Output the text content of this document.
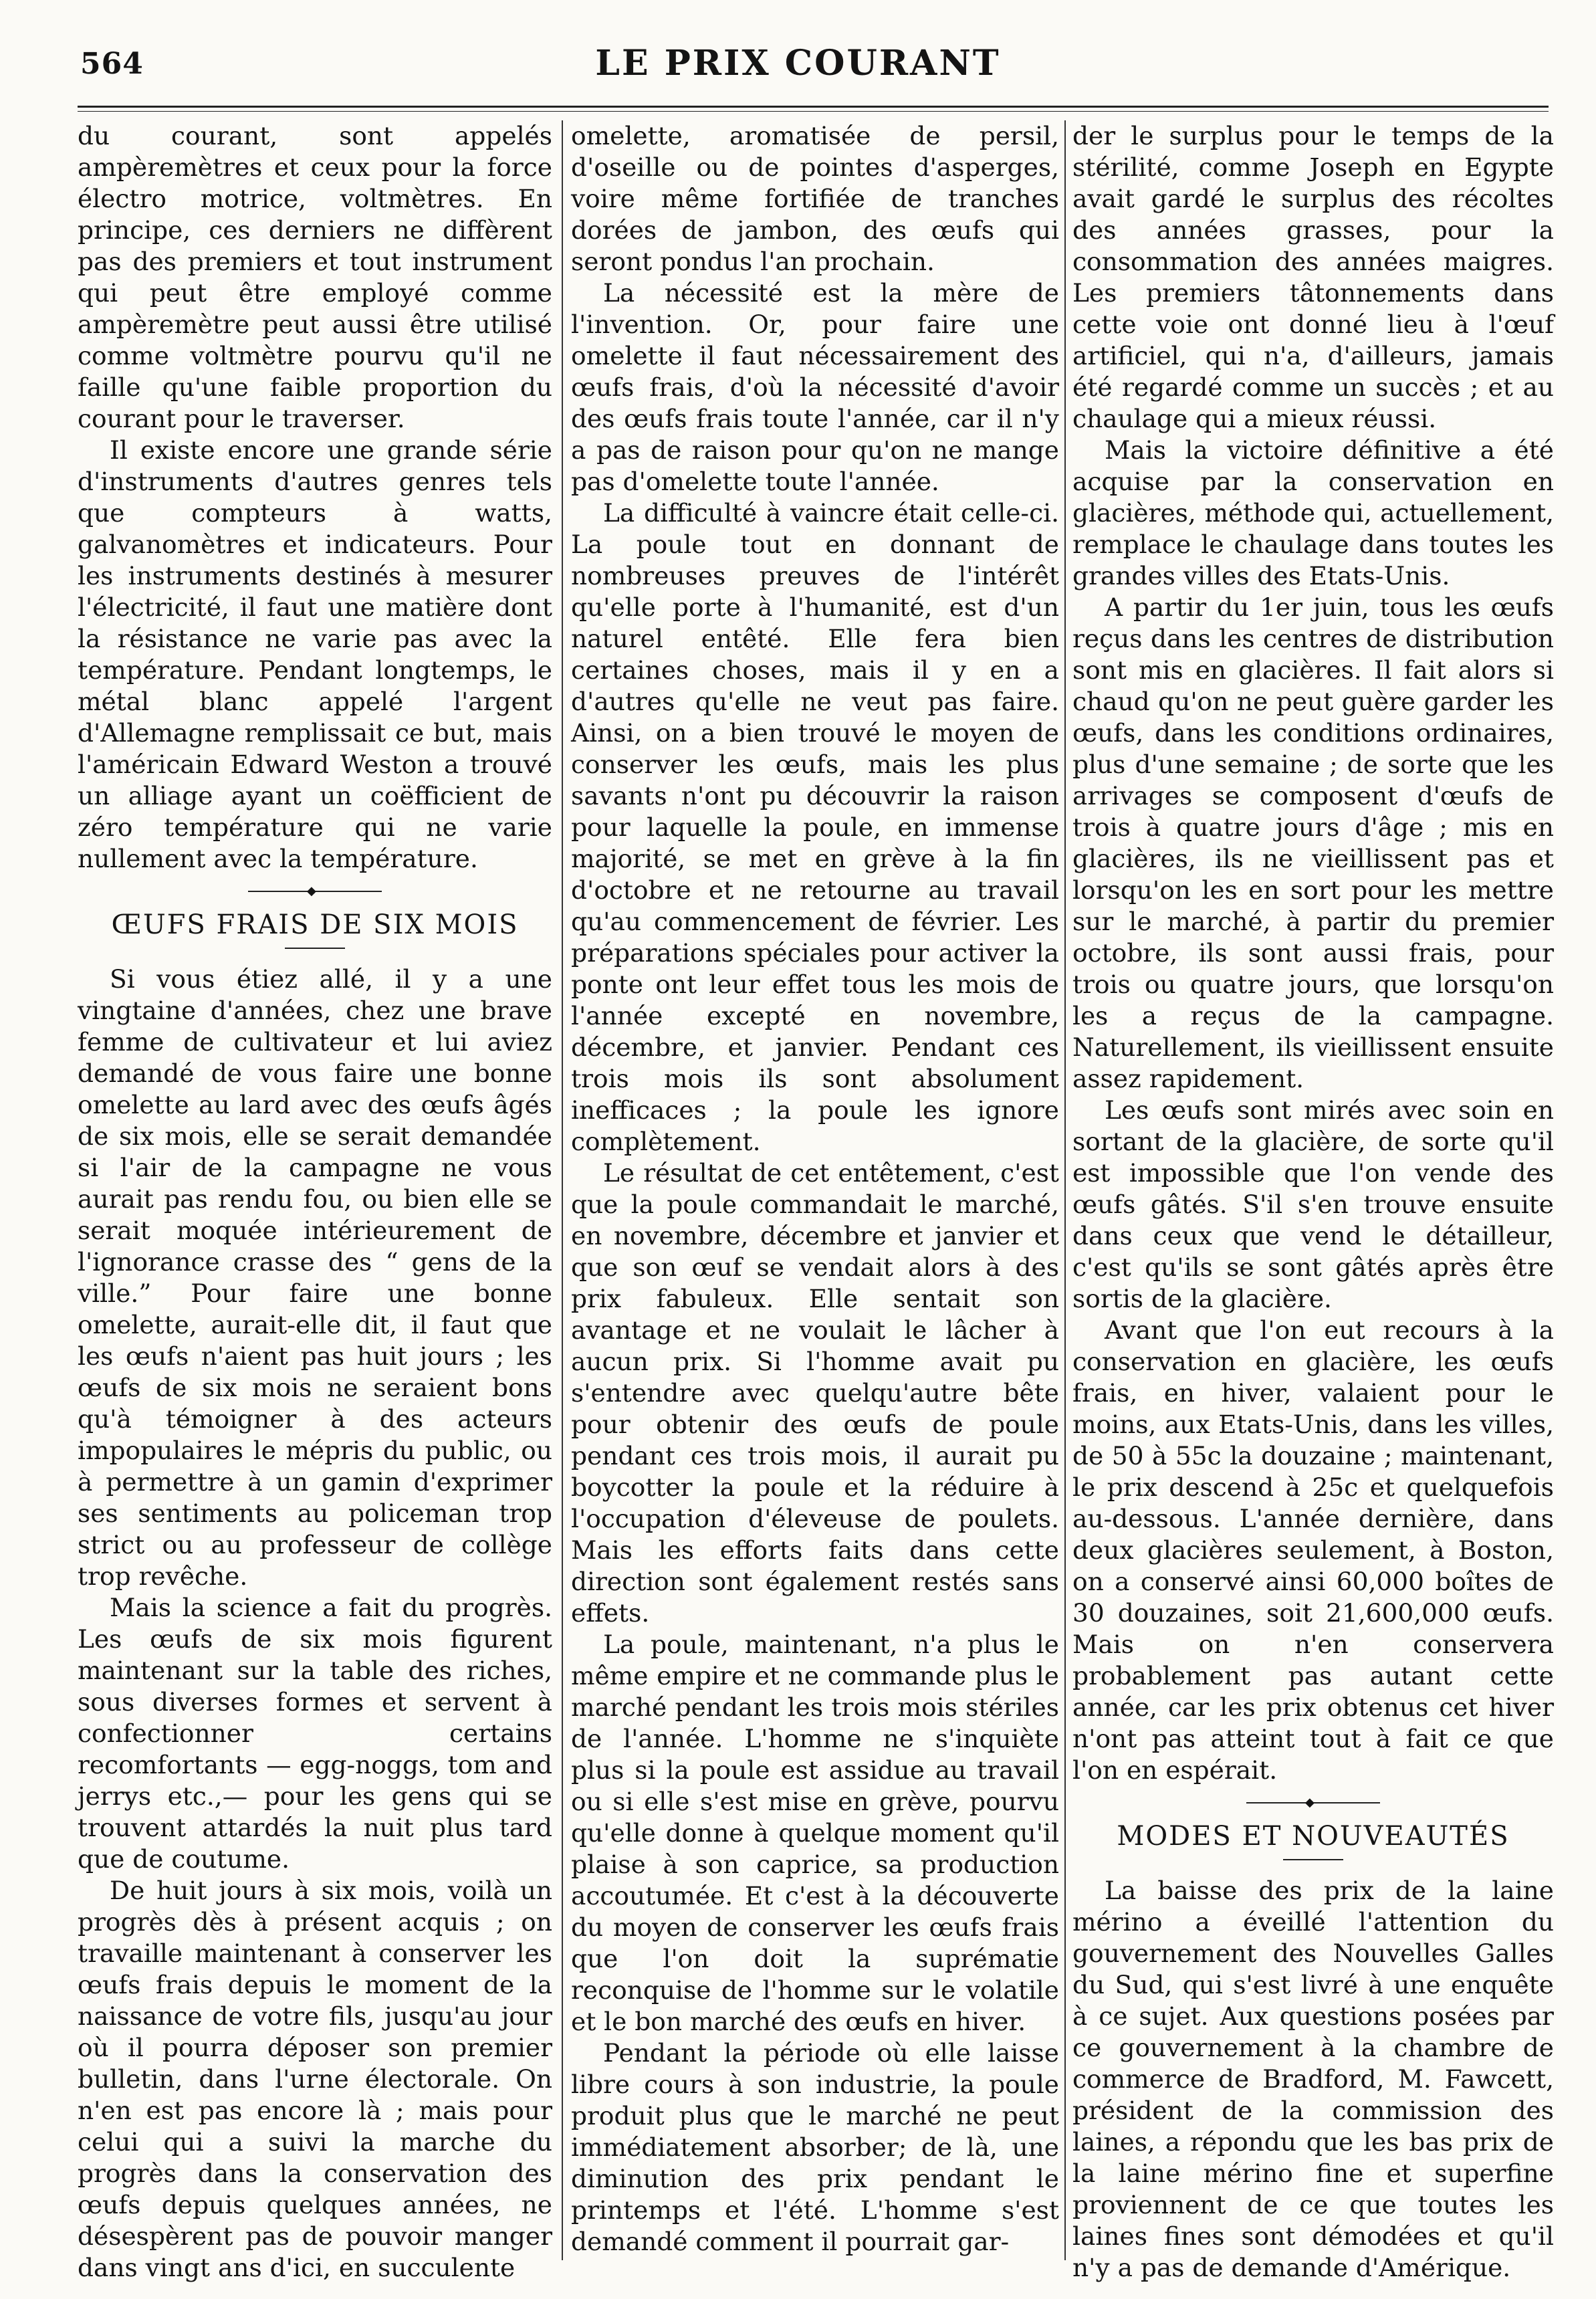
564	LE PRIX COURANT

du courant, sont appelés ampèremètres et ceux pour la force électro motrice, voltmètres. En principe, ces derniers ne diffèrent pas des premiers et tout instrument qui peut être employé comme ampèremètre peut aussi être utilisé comme voltmètre pourvu qu'il ne faille qu'une faible proportion du courant pour le traverser.

Il existe encore une grande série d'instruments d'autres genres tels que compteurs à watts, galvanomètres et indicateurs. Pour les instruments destinés à mesurer l'électricité, il faut une matière dont la résistance ne varie pas avec la température. Pendant longtemps, le métal blanc appelé l'argent d'Allemagne remplissait ce but, mais l'américain Edward Weston a trouvé un alliage ayant un coëfficient de zéro température qui ne varie nullement avec la température.

◆
ŒUFS FRAIS DE SIX MOIS

Si vous étiez allé, il y a une vingtaine d'années, chez une brave femme de cultivateur et lui aviez demandé de vous faire une bonne omelette au lard avec des œufs âgés de six mois, elle se serait demandée si l'air de la campagne ne vous aurait pas rendu fou, ou bien elle se serait moquée intérieurement de l'ignorance crasse des “ gens de la ville.” Pour faire une bonne omelette, aurait-elle dit, il faut que les œufs n'aient pas huit jours ; les œufs de six mois ne seraient bons qu'à témoigner à des acteurs impopulaires le mépris du public, ou à permettre à un gamin d'exprimer ses sentiments au policeman trop strict ou au professeur de collège trop revêche.

Mais la science a fait du progrès. Les œufs de six mois figurent maintenant sur la table des riches, sous diverses formes et servent à confectionner certains recomfortants — egg-noggs, tom and jerrys etc.,— pour les gens qui se trouvent attardés la nuit plus tard que de coutume.

De huit jours à six mois, voilà un progrès dès à présent acquis ; on travaille maintenant à conserver les œufs frais depuis le moment de la naissance de votre fils, jusqu'au jour où il pourra déposer son premier bulletin, dans l'urne électorale. On n'en est pas encore là ; mais pour celui qui a suivi la marche du progrès dans la conservation des œufs depuis quelques années, ne désespèrent pas de pouvoir manger dans vingt ans d'ici, en succulente

omelette, aromatisée de persil, d'oseille ou de pointes d'asperges, voire même fortifiée de tranches dorées de jambon, des œufs qui seront pondus l'an prochain.

La nécessité est la mère de l'invention. Or, pour faire une omelette il faut nécessairement des œufs frais, d'où la nécessité d'avoir des œufs frais toute l'année, car il n'y a pas de raison pour qu'on ne mange pas d'omelette toute l'année.

La difficulté à vaincre était celle-ci. La poule tout en donnant de nombreuses preuves de l'intérêt qu'elle porte à l'humanité, est d'un naturel entêté. Elle fera bien certaines choses, mais il y en a d'autres qu'elle ne veut pas faire. Ainsi, on a bien trouvé le moyen de conserver les œufs, mais les plus savants n'ont pu découvrir la raison pour laquelle la poule, en immense majorité, se met en grève à la fin d'octobre et ne retourne au travail qu'au commencement de février. Les préparations spéciales pour activer la ponte ont leur effet tous les mois de l'année excepté en novembre, décembre, et janvier. Pendant ces trois mois ils sont absolument inefficaces ; la poule les ignore complètement.

Le résultat de cet entêtement, c'est que la poule commandait le marché, en novembre, décembre et janvier et que son œuf se vendait alors à des prix fabuleux. Elle sentait son avantage et ne voulait le lâcher à aucun prix. Si l'homme avait pu s'entendre avec quelqu'autre bête pour obtenir des œufs de poule pendant ces trois mois, il aurait pu boycotter la poule et la réduire à l'occupation d'éleveuse de poulets. Mais les efforts faits dans cette direction sont également restés sans effets.

La poule, maintenant, n'a plus le même empire et ne commande plus le marché pendant les trois mois stériles de l'année. L'homme ne s'inquiète plus si la poule est assidue au travail ou si elle s'est mise en grève, pourvu qu'elle donne à quelque moment qu'il plaise à son caprice, sa production accoutumée. Et c'est à la découverte du moyen de conserver les œufs frais que l'on doit la suprématie reconquise de l'homme sur le volatile et le bon marché des œufs en hiver.

Pendant la période où elle laisse libre cours à son industrie, la poule produit plus que le marché ne peut immédiatement absorber; de là, une diminution des prix pendant le printemps et l'été. L'homme s'est demandé comment il pourrait gar-

der le surplus pour le temps de la stérilité, comme Joseph en Egypte avait gardé le surplus des récoltes des années grasses, pour la consommation des années maigres. Les premiers tâtonnements dans cette voie ont donné lieu à l'œuf artificiel, qui n'a, d'ailleurs, jamais été regardé comme un succès ; et au chaulage qui a mieux réussi.

Mais la victoire définitive a été acquise par la conservation en glacières, méthode qui, actuellement, remplace le chaulage dans toutes les grandes villes des Etats-Unis.

A partir du 1er juin, tous les œufs reçus dans les centres de distribution sont mis en glacières. Il fait alors si chaud qu'on ne peut guère garder les œufs, dans les conditions ordinaires, plus d'une semaine ; de sorte que les arrivages se composent d'œufs de trois à quatre jours d'âge ; mis en glacières, ils ne vieillissent pas et lorsqu'on les en sort pour les mettre sur le marché, à partir du premier octobre, ils sont aussi frais, pour trois ou quatre jours, que lorsqu'on les a reçus de la campagne. Naturellement, ils vieillissent ensuite assez rapidement.

Les œufs sont mirés avec soin en sortant de la glacière, de sorte qu'il est impossible que l'on vende des œufs gâtés. S'il s'en trouve ensuite dans ceux que vend le détailleur, c'est qu'ils se sont gâtés après être sortis de la glacière.

Avant que l'on eut recours à la conservation en glacière, les œufs frais, en hiver, valaient pour le moins, aux Etats-Unis, dans les villes, de 50 à 55c la douzaine ; maintenant, le prix descend à 25c et quelquefois au-dessous. L'année dernière, dans deux glacières seulement, à Boston, on a conservé ainsi 60,000 boîtes de 30 douzaines, soit 21,600,000 œufs. Mais on n'en conservera probablement pas autant cette année, car les prix obtenus cet hiver n'ont pas atteint tout à fait ce que l'on en espérait.

◆
MODES ET NOUVEAUTÉS

La baisse des prix de la laine mérino a éveillé l'attention du gouvernement des Nouvelles Galles du Sud, qui s'est livré à une enquête à ce sujet. Aux questions posées par ce gouvernement à la chambre de commerce de Bradford, M. Fawcett, président de la commission des laines, a répondu que les bas prix de la laine mérino fine et superfine proviennent de ce que toutes les laines fines sont démodées et qu'il n'y a pas de demande d'Amérique.
